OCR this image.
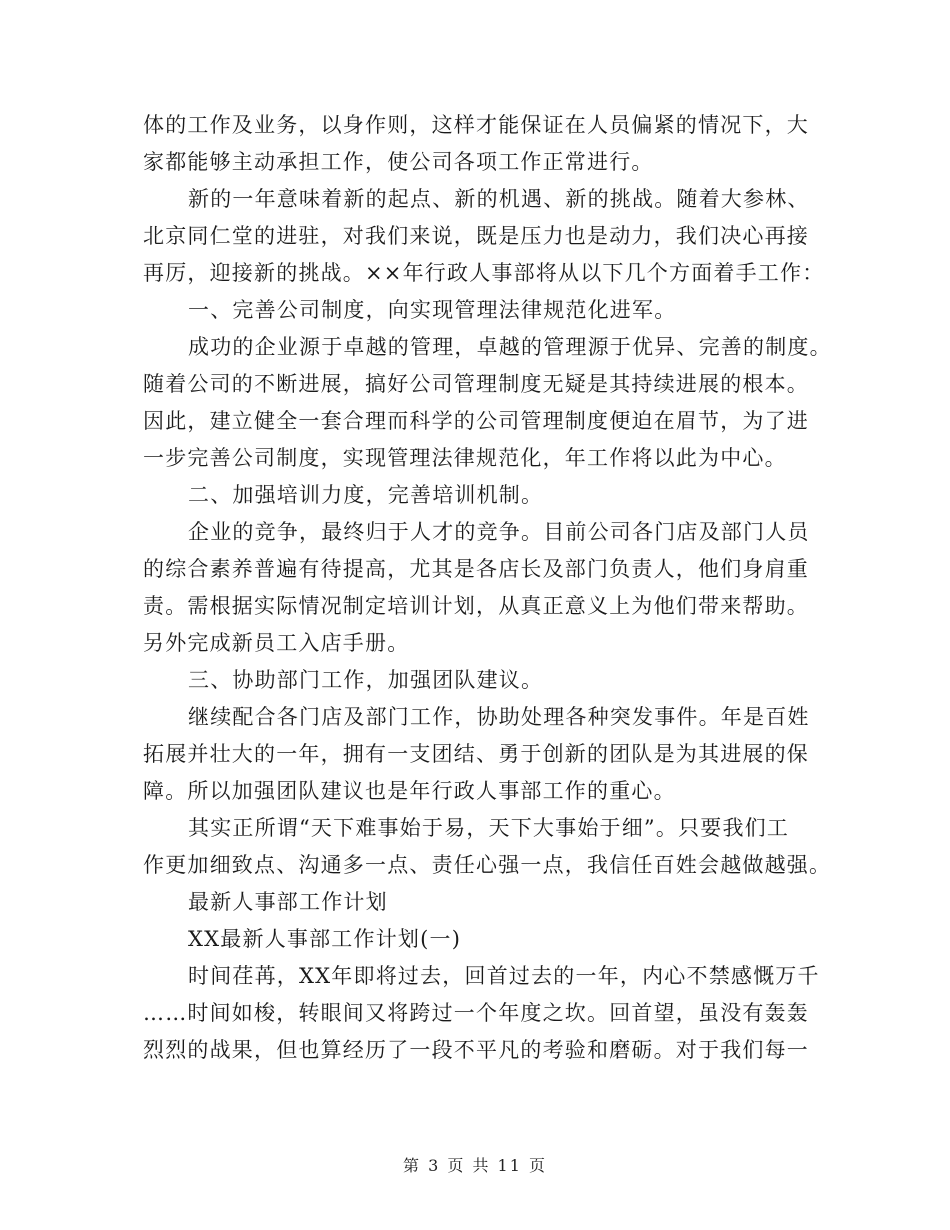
体的工作及业务，以身作则，这样才能保证在人员偏紧的情况下，大
家都能够主动承担工作，使公司各项工作正常进行。
新的一年意味着新的起点、新的机遇、新的挑战。随着大参林、
北京同仁堂的进驻，对我们来说，既是压力也是动力，我们决心再接
再厉，迎接新的挑战。××年行政人事部将从以下几个方面着手工作：
一、完善公司制度，向实现管理法律规范化进军。
成功的企业源于卓越的管理，卓越的管理源于优异、完善的制度。
随着公司的不断进展，搞好公司管理制度无疑是其持续进展的根本。
因此，建立健全一套合理而科学的公司管理制度便迫在眉节，为了进
一步完善公司制度，实现管理法律规范化，年工作将以此为中心。
二、加强培训力度，完善培训机制。
企业的竞争，最终归于人才的竞争。目前公司各门店及部门人员
的综合素养普遍有待提高，尤其是各店长及部门负责人，他们身肩重
责。需根据实际情况制定培训计划，从真正意义上为他们带来帮助。
另外完成新员工入店手册。
三、协助部门工作，加强团队建议。
继续配合各门店及部门工作，协助处理各种突发事件。年是百姓
拓展并壮大的一年，拥有一支团结、勇于创新的团队是为其进展的保
障。所以加强团队建议也是年行政人事部工作的重心。
其实正所谓“天下难事始于易，天下大事始于细”。只要我们工
作更加细致点、沟通多一点、责任心强一点，我信任百姓会越做越强。
最新人事部工作计划
XX最新人事部工作计划(一)
时间荏苒，XX年即将过去，回首过去的一年，内心不禁感慨万千
……时间如梭，转眼间又将跨过一个年度之坎。回首望，虽没有轰轰
烈烈的战果，但也算经历了一段不平凡的考验和磨砺。对于我们每一
第 3 页 共 11 页
